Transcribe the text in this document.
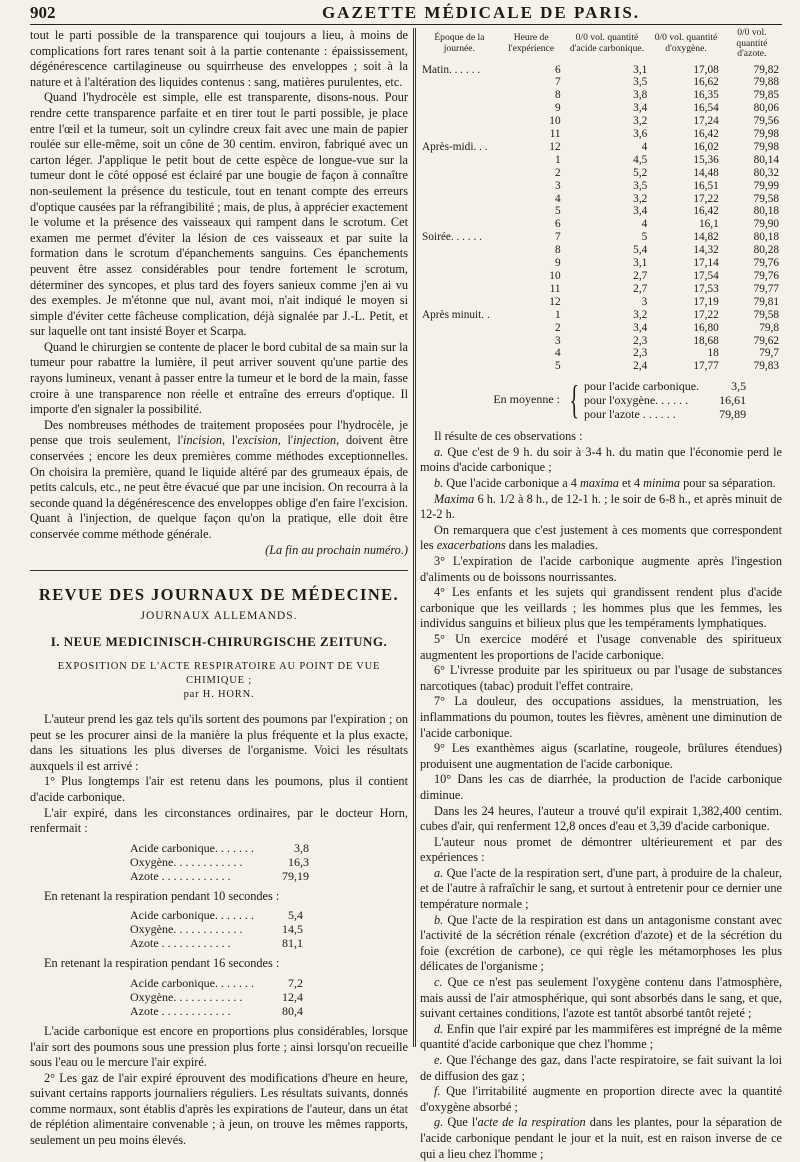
902	GAZETTE MÉDICALE DE PARIS.

tout le parti possible de la transparence qui toujours a lieu, à moins de complications fort rares tenant soit à la partie contenante : épaississement, dégénérescence cartilagineuse ou squirrheuse des enveloppes ; soit à la nature et à l'altération des liquides contenus : sang, matières purulentes, etc.

Quand l'hydrocèle est simple, elle est transparente, disons-nous. Pour rendre cette transparence parfaite et en tirer tout le parti possible, je place entre l'œil et la tumeur, soit un cylindre creux fait avec une main de papier roulée sur elle-même, soit un cône de 30 centim. environ, fabriqué avec un carton léger. J'applique le petit bout de cette espèce de longue-vue sur la tumeur dont le côté opposé est éclairé par une bougie de façon à connaître non-seulement la présence du testicule, tout en tenant compte des erreurs d'optique causées par la réfrangibilité ; mais, de plus, à apprécier exactement le volume et la présence des vaisseaux qui rampent dans le scrotum. Cet examen me permet d'éviter la lésion de ces vaisseaux et par suite la formation dans le scrotum d'épanchements sanguins. Ces épanchements peuvent être assez considérables pour tendre fortement le scrotum, déterminer des syncopes, et plus tard des foyers sanieux comme j'en ai vu des exemples. Je m'étonne que nul, avant moi, n'ait indiqué le moyen si simple d'éviter cette fâcheuse complication, déjà signalée par J.-L. Petit, et sur laquelle ont tant insisté Boyer et Scarpa.

Quand le chirurgien se contente de placer le bord cubital de sa main sur la tumeur pour rabattre la lumière, il peut arriver souvent qu'une partie des rayons lumineux, venant à passer entre la tumeur et le bord de la main, fasse croire à une transparence non réelle et entraîne des erreurs d'optique. Il importe d'en signaler la possibilité.

Des nombreuses méthodes de traitement proposées pour l'hydrocèle, je pense que trois seulement, l'incision, l'excision, l'injection, doivent être conservées ; encore les deux premières comme méthodes exceptionnelles. On choisira la première, quand le liquide altéré par des grumeaux épais, de petits calculs, etc., ne peut être évacué que par une incision. On recourra à la seconde quand la dégénérescence des enveloppes oblige d'en faire l'excision. Quant à l'injection, de quelque façon qu'on la pratique, elle doit être conservée comme méthode générale.

(La fin au prochain numéro.)

REVUE DES JOURNAUX DE MÉDECINE.
JOURNAUX ALLEMANDS.
I. NEUE MEDICINISCH-CHIRURGISCHE ZEITUNG.
EXPOSITION DE L'ACTE RESPIRATOIRE AU POINT DE VUE CHIMIQUE ;
par H. HORN.

L'auteur prend les gaz tels qu'ils sortent des poumons par l'expiration ; on peut se les procurer ainsi de la manière la plus fréquente et la plus exacte, dans les situations les plus diverses de l'organisme. Voici les résultats auxquels il est arrivé :

1° Plus longtemps l'air est retenu dans les poumons, plus il contient d'acide carbonique.

L'air expiré, dans les circonstances ordinaires, par le docteur Horn, renfermait :

Acide carbonique. . . . . . .	3,8
Oxygène. . . . . . . . . . . .	16,3
Azote . . . . . . . . . . . .	79,19

En retenant la respiration pendant 10 secondes :

Acide carbonique. . . . . . .	5,4
Oxygène. . . . . . . . . . . .	14,5
Azote . . . . . . . . . . . .	81,1

En retenant la respiration pendant 16 secondes :

Acide carbonique. . . . . . .	7,2
Oxygène. . . . . . . . . . . .	12,4
Azote . . . . . . . . . . . .	80,4

L'acide carbonique est encore en proportions plus considérables, lorsque l'air sort des poumons sous une pression plus forte ; ainsi lorsqu'on recueille sous l'eau ou le mercure l'air expiré.

2° Les gaz de l'air expiré éprouvent des modifications d'heure en heure, suivant certains rapports journaliers réguliers. Les résultats suivants, donnés comme normaux, sont établis d'après les expirations de l'auteur, dans un état de réplétion alimentaire convenable ; à jeun, on trouve les mêmes rapports, seulement un peu moins élevés.

Époque de la journée.	Heure de l'expérience	0/0 vol. quantité d'acide carbonique.	0/0 vol. quantité d'oxygène.	0/0 vol. quantité d'azote.
Matin. . . . . .	6	3,1	17,08	79,82
	7	3,5	16,62	79,88
	8	3,8	16,35	79,85
	9	3,4	16,54	80,06
	10	3,2	17,24	79,56
	11	3,6	16,42	79,98
Après-midi. . .	12	4	16,02	79,98
	1	4,5	15,36	80,14
	2	5,2	14,48	80,32
	3	3,5	16,51	79,99
	4	3,2	17,22	79,58
	5	3,4	16,42	80,18
	6	4	16,1	79,90
Soirée. . . . . .	7	5	14,82	80,18
	8	5,4	14,32	80,28
	9	3,1	17,14	79,76
	10	2,7	17,54	79,76
	11	2,7	17,53	79,77
	12	3	17,19	79,81
Après minuit. .	1	3,2	17,22	79,58
	2	3,4	16,80	79,8
	3	2,3	18,68	79,62
	4	2,3	18	79,7
	5	2,4	17,77	79,83
En moyenne : { pour l'acide carbonique.	3,5
pour l'oxygène. . . . . .	16,61
pour l'azote . . . . . .	79,89

Il résulte de ces observations :

a. Que c'est de 9 h. du soir à 3-4 h. du matin que l'économie perd le moins d'acide carbonique ;

b. Que l'acide carbonique a 4 maxima et 4 minima pour sa séparation.

Maxima 6 h. 1/2 à 8 h., de 12-1 h. ; le soir de 6-8 h., et après minuit de 12-2 h.

On remarquera que c'est justement à ces moments que correspondent les exacerbations dans les maladies.

3° L'expiration de l'acide carbonique augmente après l'ingestion d'aliments ou de boissons nourrissantes.

4° Les enfants et les sujets qui grandissent rendent plus d'acide carbonique que les veillards ; les hommes plus que les femmes, les individus sanguins et bilieux plus que les tempéraments lymphatiques.

5° Un exercice modéré et l'usage convenable des spiritueux augmentent les proportions de l'acide carbonique.

6° L'ivresse produite par les spiritueux ou par l'usage de substances narcotiques (tabac) produit l'effet contraire.

7° La douleur, des occupations assidues, la menstruation, les inflammations du poumon, toutes les fièvres, amènent une diminution de l'acide carbonique.

9° Les exanthèmes aigus (scarlatine, rougeole, brûlures étendues) produisent une augmentation de l'acide carbonique.

10° Dans les cas de diarrhée, la production de l'acide carbonique diminue.

Dans les 24 heures, l'auteur a trouvé qu'il expirait 1,382,400 centim. cubes d'air, qui renferment 12,8 onces d'eau et 3,39 d'acide carbonique.

L'auteur nous promet de démontrer ultérieurement et par des expériences :

a. Que l'acte de la respiration sert, d'une part, à produire de la chaleur, et de l'autre à rafraîchir le sang, et surtout à entretenir pour ce dernier une température normale ;

b. Que l'acte de la respiration est dans un antagonisme constant avec l'activité de la sécrétion rénale (excrétion d'azote) et de la sécrétion du foie (excrétion de carbone), ce qui règle les métamorphoses les plus délicates de l'organisme ;

c. Que ce n'est pas seulement l'oxygène contenu dans l'atmosphère, mais aussi de l'air atmosphérique, qui sont absorbés dans le sang, et que, suivant certaines conditions, l'azote est tantôt absorbé tantôt rejeté ;

d. Enfin que l'air expiré par les mammifères est imprégné de la même quantité d'acide carbonique que chez l'homme ;

e. Que l'échange des gaz, dans l'acte respiratoire, se fait suivant la loi de diffusion des gaz ;

f. Que l'irritabilité augmente en proportion directe avec la quantité d'oxygène absorbé ;

g. Que l'acte de la respiration dans les plantes, pour la séparation de l'acide carbonique pendant le jour et la nuit, est en raison inverse de ce qui a lieu chez l'homme ;
